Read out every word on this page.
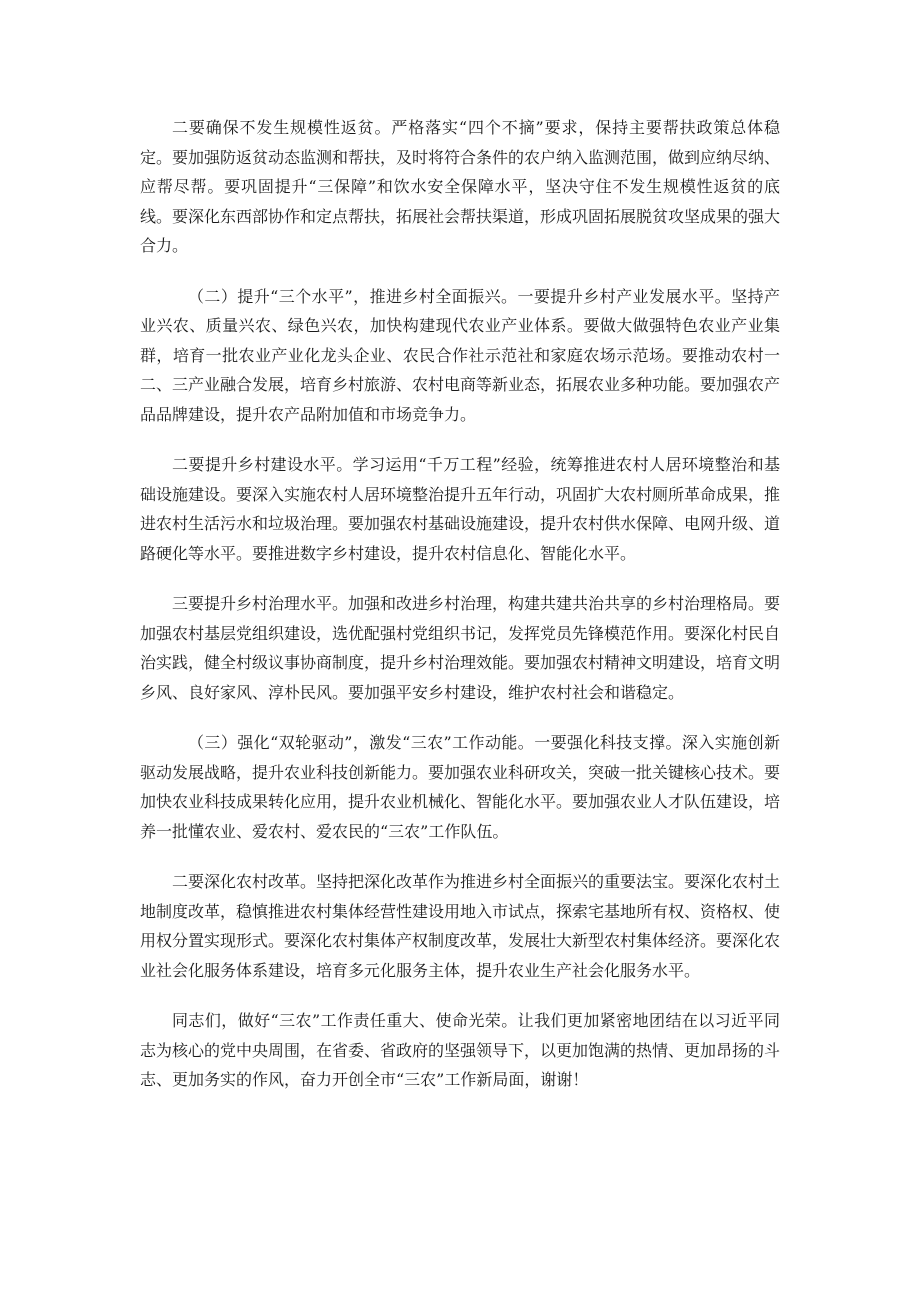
二要确保不发生规模性返贫。严格落实“四个不摘”要求，保持主要帮扶政策总体稳定。要加强防返贫动态监测和帮扶，及时将符合条件的农户纳入监测范围，做到应纳尽纳、应帮尽帮。要巩固提升“三保障”和饮水安全保障水平，坚决守住不发生规模性返贫的底线。要深化东西部协作和定点帮扶，拓展社会帮扶渠道，形成巩固拓展脱贫攻坚成果的强大合力。

（二）提升“三个水平”，推进乡村全面振兴。一要提升乡村产业发展水平。坚持产业兴农、质量兴农、绿色兴农，加快构建现代农业产业体系。要做大做强特色农业产业集群，培育一批农业产业化龙头企业、农民合作社示范社和家庭农场示范场。要推动农村一二、三产业融合发展，培育乡村旅游、农村电商等新业态，拓展农业多种功能。要加强农产品品牌建设，提升农产品附加值和市场竞争力。

二要提升乡村建设水平。学习运用“千万工程”经验，统筹推进农村人居环境整治和基础设施建设。要深入实施农村人居环境整治提升五年行动，巩固扩大农村厕所革命成果，推进农村生活污水和垃圾治理。要加强农村基础设施建设，提升农村供水保障、电网升级、道路硬化等水平。要推进数字乡村建设，提升农村信息化、智能化水平。

三要提升乡村治理水平。加强和改进乡村治理，构建共建共治共享的乡村治理格局。要加强农村基层党组织建设，选优配强村党组织书记，发挥党员先锋模范作用。要深化村民自治实践，健全村级议事协商制度，提升乡村治理效能。要加强农村精神文明建设，培育文明乡风、良好家风、淳朴民风。要加强平安乡村建设，维护农村社会和谐稳定。

（三）强化“双轮驱动”，激发“三农”工作动能。一要强化科技支撑。深入实施创新驱动发展战略，提升农业科技创新能力。要加强农业科研攻关，突破一批关键核心技术。要加快农业科技成果转化应用，提升农业机械化、智能化水平。要加强农业人才队伍建设，培养一批懂农业、爱农村、爱农民的“三农”工作队伍。

二要深化农村改革。坚持把深化改革作为推进乡村全面振兴的重要法宝。要深化农村土地制度改革，稳慎推进农村集体经营性建设用地入市试点，探索宅基地所有权、资格权、使用权分置实现形式。要深化农村集体产权制度改革，发展壮大新型农村集体经济。要深化农业社会化服务体系建设，培育多元化服务主体，提升农业生产社会化服务水平。

同志们，做好“三农”工作责任重大、使命光荣。让我们更加紧密地团结在以习近平同志为核心的党中央周围，在省委、省政府的坚强领导下，以更加饱满的热情、更加昂扬的斗志、更加务实的作风，奋力开创全市“三农”工作新局面，谢谢！
